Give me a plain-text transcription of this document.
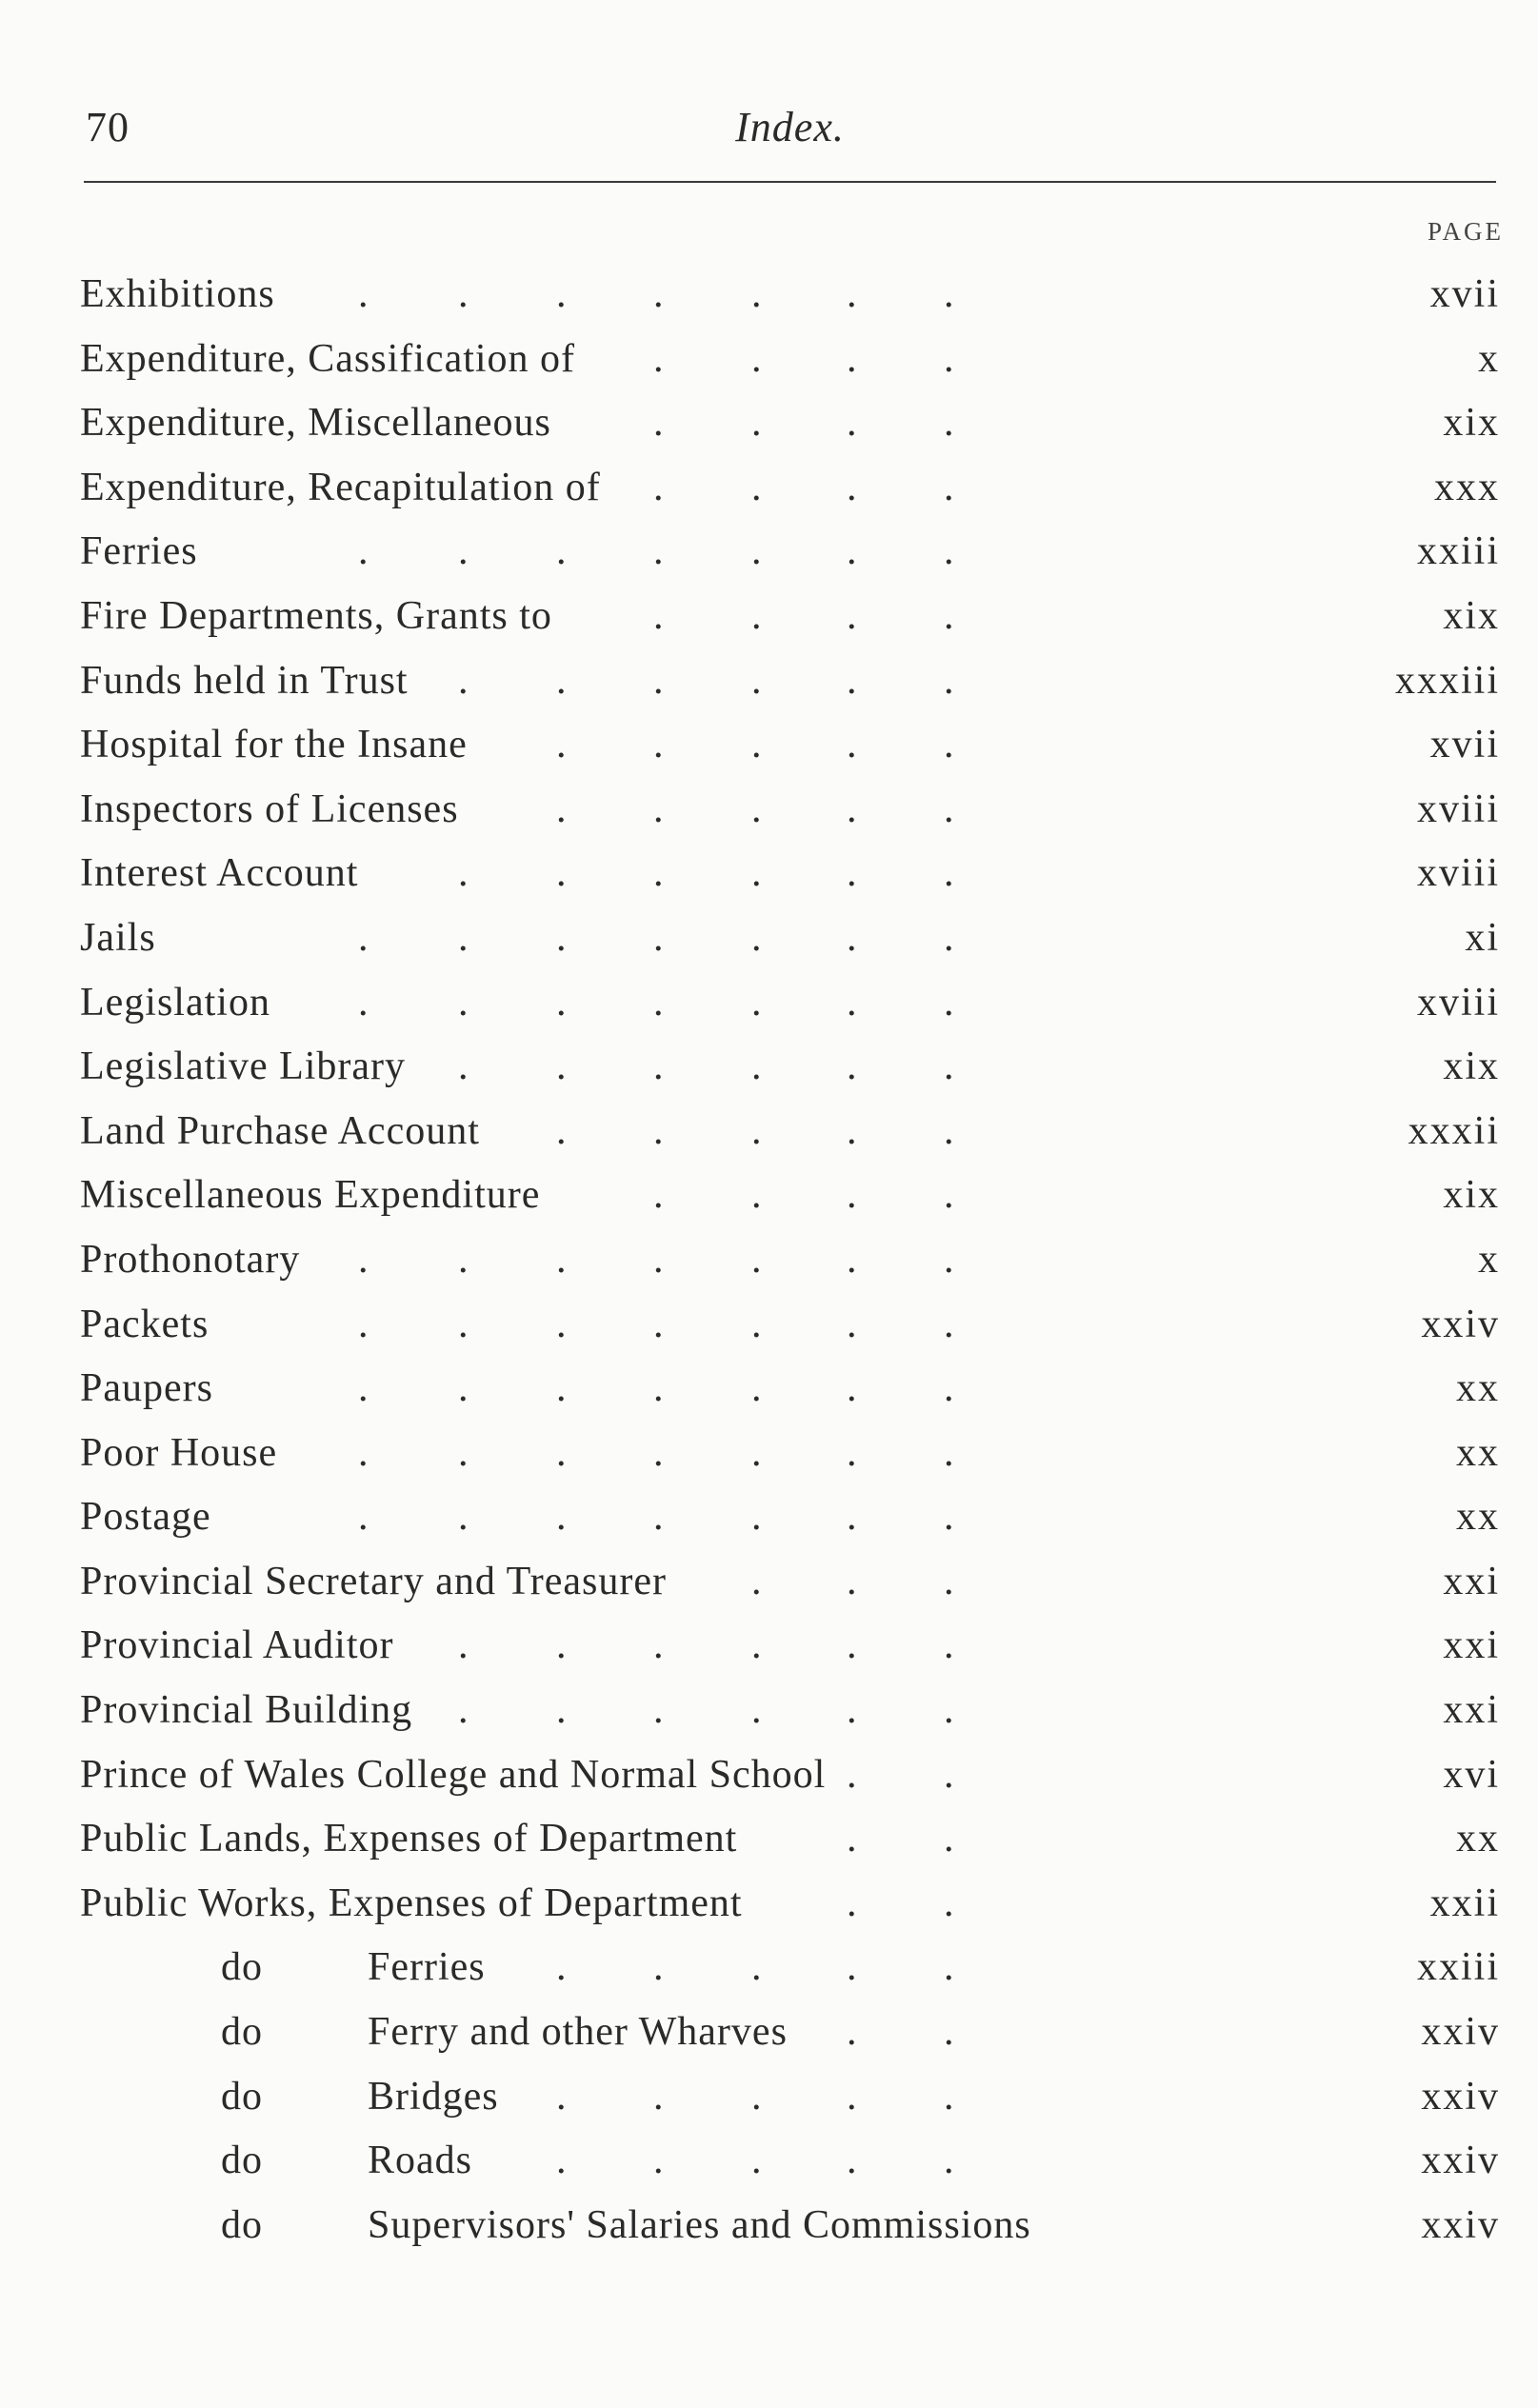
70	Index.
PAGE
Exhibitions . . . . . . .	xvii
Expenditure, Cassification of . . . .	x
Expenditure, Miscellaneous	. . . .	xix
Expenditure, Recapitulation of . . . .	xxx
Ferries	. . . . . . .	xxiii
Fire Departments, Grants to	. . . .	xix
Funds held in Trust . . . . . .	xxxiii
Hospital for the Insane . . . . .	xvii
Inspectors of Licenses . . . . .	xviii
Interest Account . . . . . .	xviii
Jails	. . . . . . .	xi
Legislation . . . . . . .	xviii
Legislative Library . . . . . .	xix
Land Purchase Account . . . . .	xxxii
Miscellaneous Expenditure	. . . .	xix
Prothonotary . . . . . . .	x
Packets	. . . . . . .	xxiv
Paupers	. . . . . . .	xx
Poor House . . . . . . .	xx
Postage	. . . . . . .	xx
Provincial Secretary and Treasurer . . .	xxi
Provincial Auditor . . . . . .	xxi
Provincial Building . . . . . .	xxi
Prince of Wales College and Normal School . .	xvi
Public Lands, Expenses of Department	. .	xx
Public Works, Expenses of Department	. .	xxii
do	Ferries . . . . .	xxiii
do	Ferry and other Wharves . .	xxiv
do	Bridges . . . . .	xxiv
do	Roads . . . . .	xxiv
do	Supervisors' Salaries and Commissions	xxiv
